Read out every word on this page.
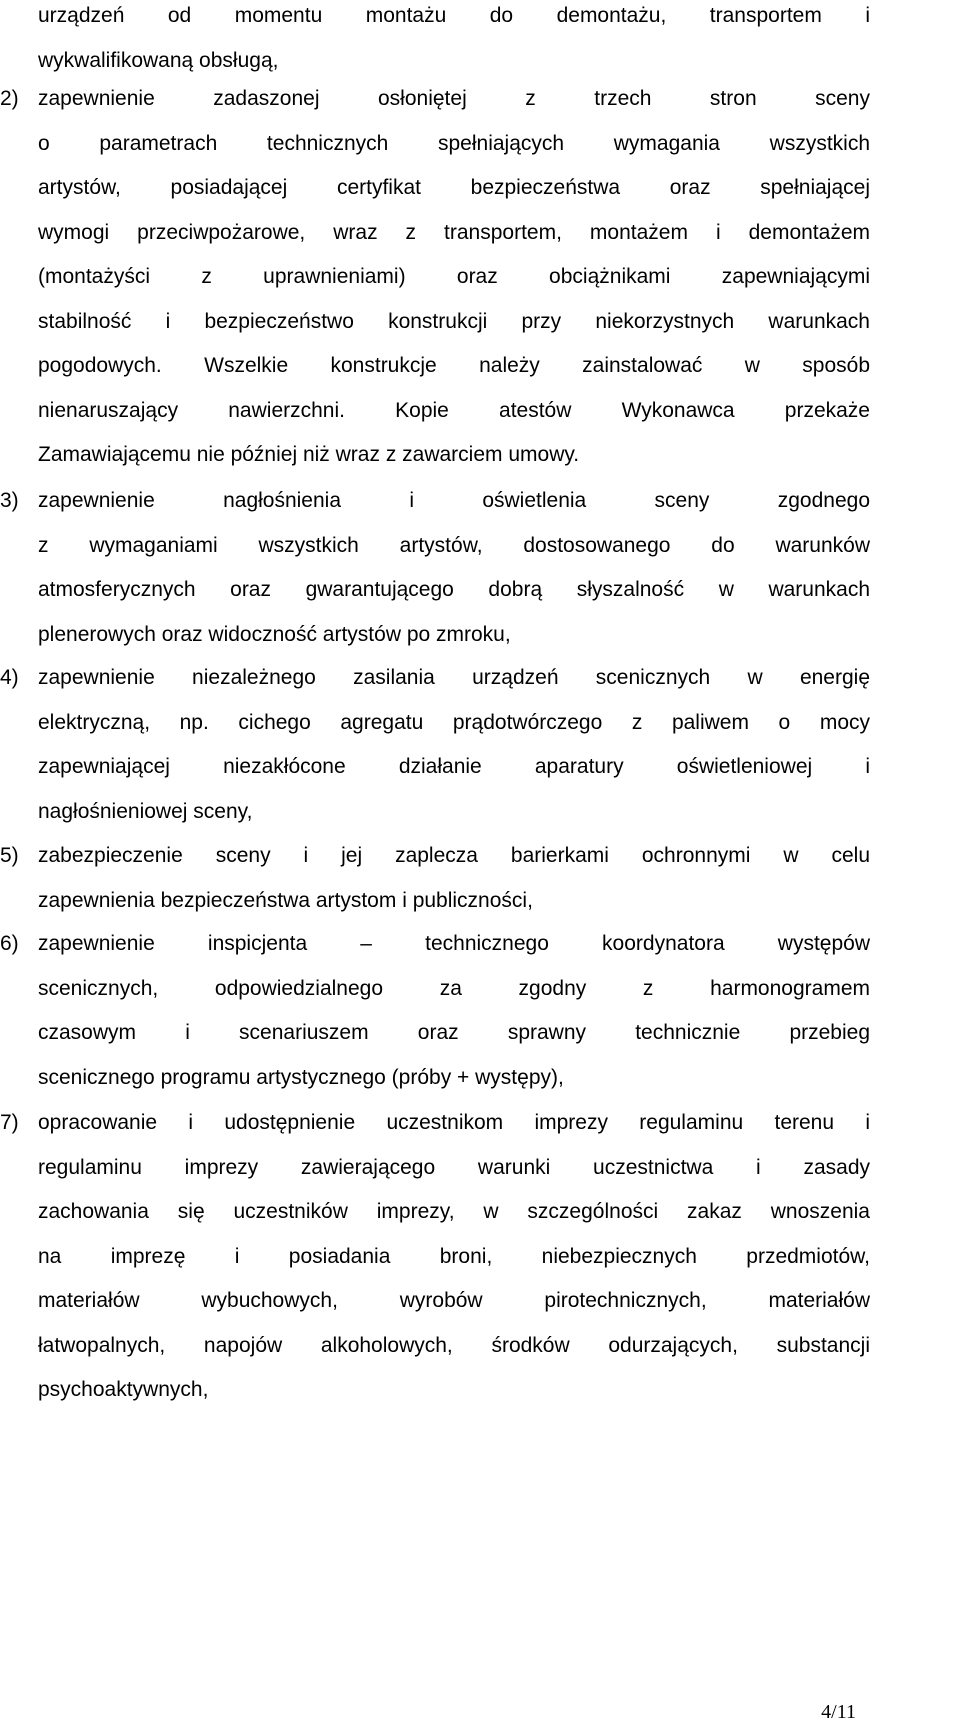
urządzeń od momentu montażu do demontażu, transportem i
wykwalifikowaną obsługą,
2) zapewnienie zadaszonej osłoniętej z trzech stron sceny
o parametrach technicznych spełniających wymagania wszystkich
artystów, posiadającej certyfikat bezpieczeństwa oraz spełniającej
wymogi przeciwpożarowe, wraz z transportem, montażem i demontażem
(montażyści z uprawnieniami) oraz obciążnikami zapewniającymi
stabilność i bezpieczeństwo konstrukcji przy niekorzystnych warunkach
pogodowych. Wszelkie konstrukcje należy zainstalować w sposób
nienaruszający nawierzchni. Kopie atestów Wykonawca przekaże
Zamawiającemu nie później niż wraz z zawarciem umowy.
3) zapewnienie nagłośnienia i oświetlenia sceny zgodnego
z wymaganiami wszystkich artystów, dostosowanego do warunków
atmosferycznych oraz gwarantującego dobrą słyszalność w warunkach
plenerowych oraz widoczność artystów po zmroku,
4) zapewnienie niezależnego zasilania urządzeń scenicznych w energię
elektryczną, np. cichego agregatu prądotwórczego z paliwem o mocy
zapewniającej niezakłócone działanie aparatury oświetleniowej i
nagłośnieniowej sceny,
5) zabezpieczenie sceny i jej zaplecza barierkami ochronnymi w celu
zapewnienia bezpieczeństwa artystom i publiczności,
6) zapewnienie inspicjenta – technicznego koordynatora występów
scenicznych, odpowiedzialnego za zgodny z harmonogramem
czasowym i scenariuszem oraz sprawny technicznie przebieg
scenicznego programu artystycznego (próby + występy),
7) opracowanie i udostępnienie uczestnikom imprezy regulaminu terenu i
regulaminu imprezy zawierającego warunki uczestnictwa i zasady
zachowania się uczestników imprezy, w szczególności zakaz wnoszenia
na imprezę i posiadania broni, niebezpiecznych przedmiotów,
materiałów wybuchowych, wyrobów pirotechnicznych, materiałów
łatwopalnych, napojów alkoholowych, środków odurzających, substancji
psychoaktywnych,
4/11
